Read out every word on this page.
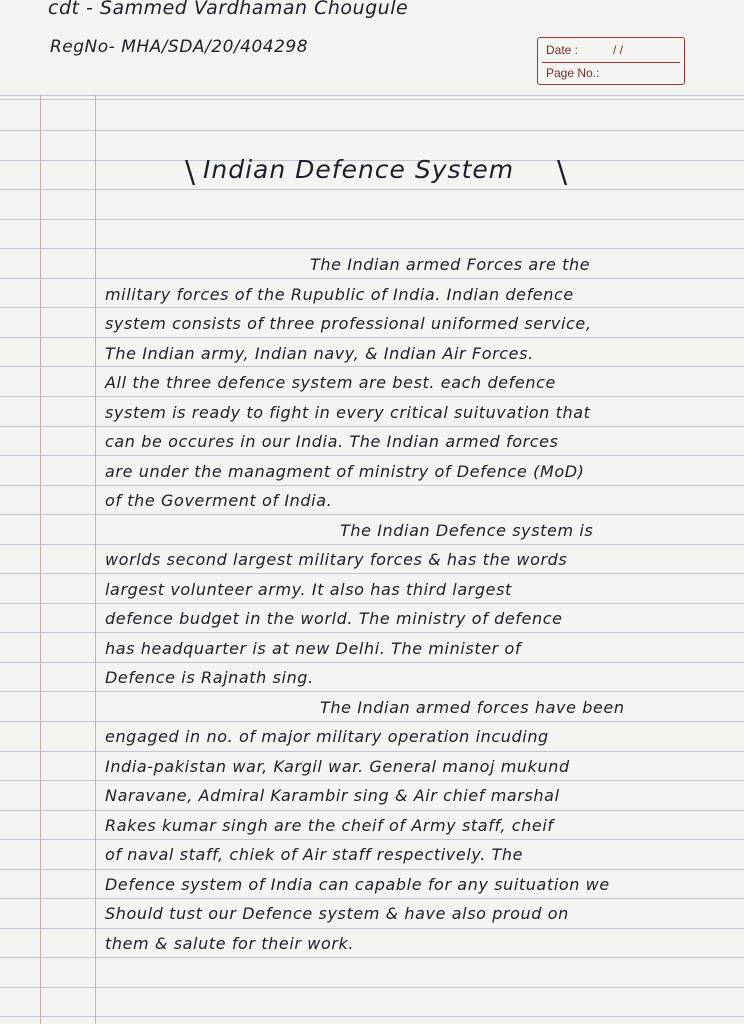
cdt - Sammed Vardhaman Chougule
RegNo- MHA/SDA/20/404298	Date :	/ /
Page No.:
\ Indian Defence System \
The Indian armed Forces are the
military forces of the Rupublic of India. Indian defence
system consists of three professional uniformed service,
The Indian army, Indian navy, & Indian Air Forces.
All the three defence system are best. each defence
system is ready to fight in every critical suituvation that
can be occures in our India. The Indian armed forces
are under the managment of ministry of Defence (MoD)
of the Goverment of India.
The Indian Defence system is
worlds second largest military forces & has the words
largest volunteer army. It also has third largest
defence budget in the world. The ministry of defence
has headquarter is at new Delhi. The minister of
Defence is Rajnath sing.
The Indian armed forces have been
engaged in no. of major military operation incuding
India-pakistan war, Kargil war. General manoj mukund
Naravane, Admiral Karambir sing & Air chief marshal
Rakes kumar singh are the cheif of Army staff, cheif
of naval staff, chiek of Air staff respectively. The
Defence system of India can capable for any suituation we
Should tust our Defence system & have also proud on
them & salute for their work.
